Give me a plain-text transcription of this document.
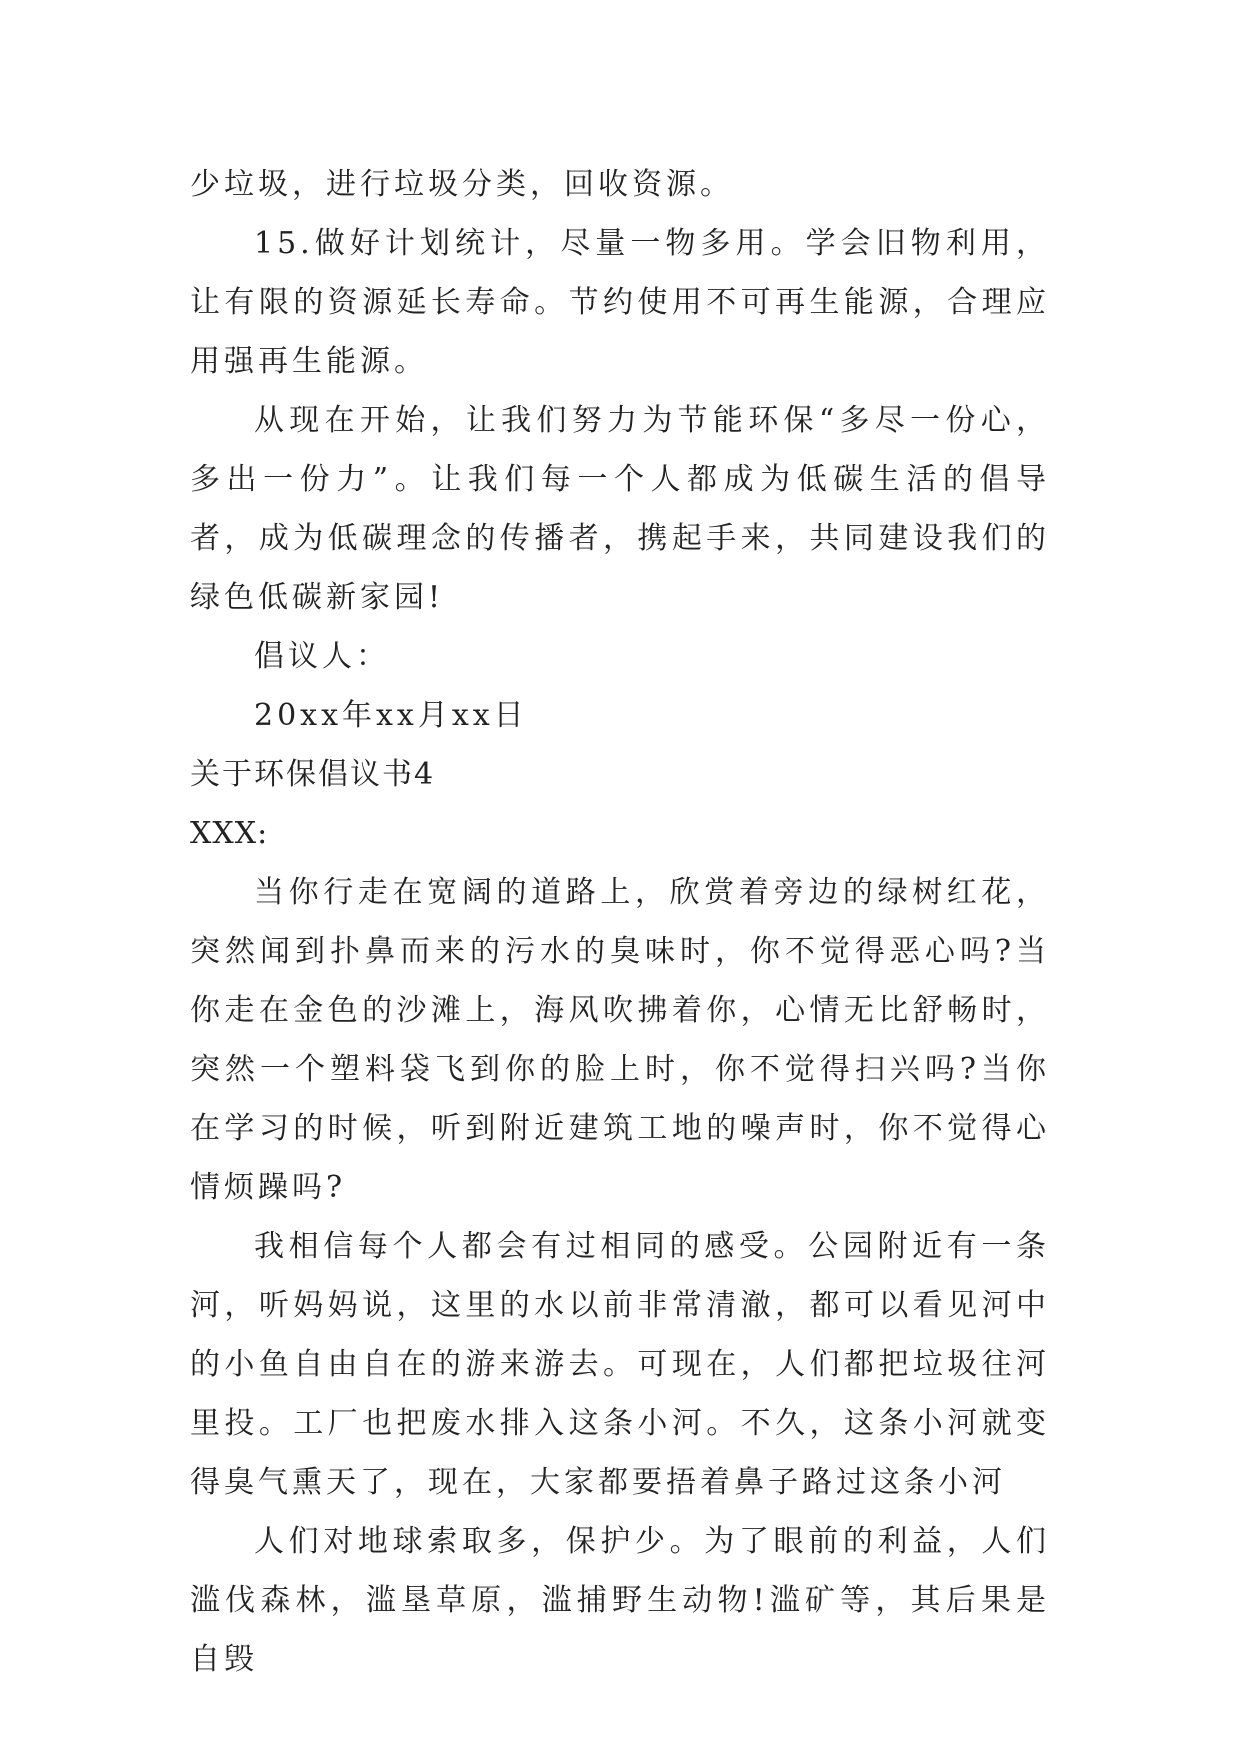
少垃圾，进行垃圾分类，回收资源。

15.做好计划统计，尽量一物多用。学会旧物利用，让有限的资源延长寿命。节约使用不可再生能源，合理应用强再生能源。

从现在开始，让我们努力为节能环保“多尽一份心，多出一份力”。让我们每一个人都成为低碳生活的倡导者，成为低碳理念的传播者，携起手来，共同建设我们的绿色低碳新家园!

倡议人：

20xx年xx月xx日

关于环保倡议书4

XXX:

当你行走在宽阔的道路上，欣赏着旁边的绿树红花，突然闻到扑鼻而来的污水的臭味时，你不觉得恶心吗?当你走在金色的沙滩上，海风吹拂着你，心情无比舒畅时，突然一个塑料袋飞到你的脸上时，你不觉得扫兴吗?当你在学习的时候，听到附近建筑工地的噪声时，你不觉得心情烦躁吗?

我相信每个人都会有过相同的感受。公园附近有一条河，听妈妈说，这里的水以前非常清澈，都可以看见河中的小鱼自由自在的游来游去。可现在，人们都把垃圾往河里投。工厂也把废水排入这条小河。不久，这条小河就变得臭气熏天了，现在，大家都要捂着鼻子路过这条小河

人们对地球索取多，保护少。为了眼前的利益，人们滥伐森林，滥垦草原，滥捕野生动物!滥矿等，其后果是自毁
